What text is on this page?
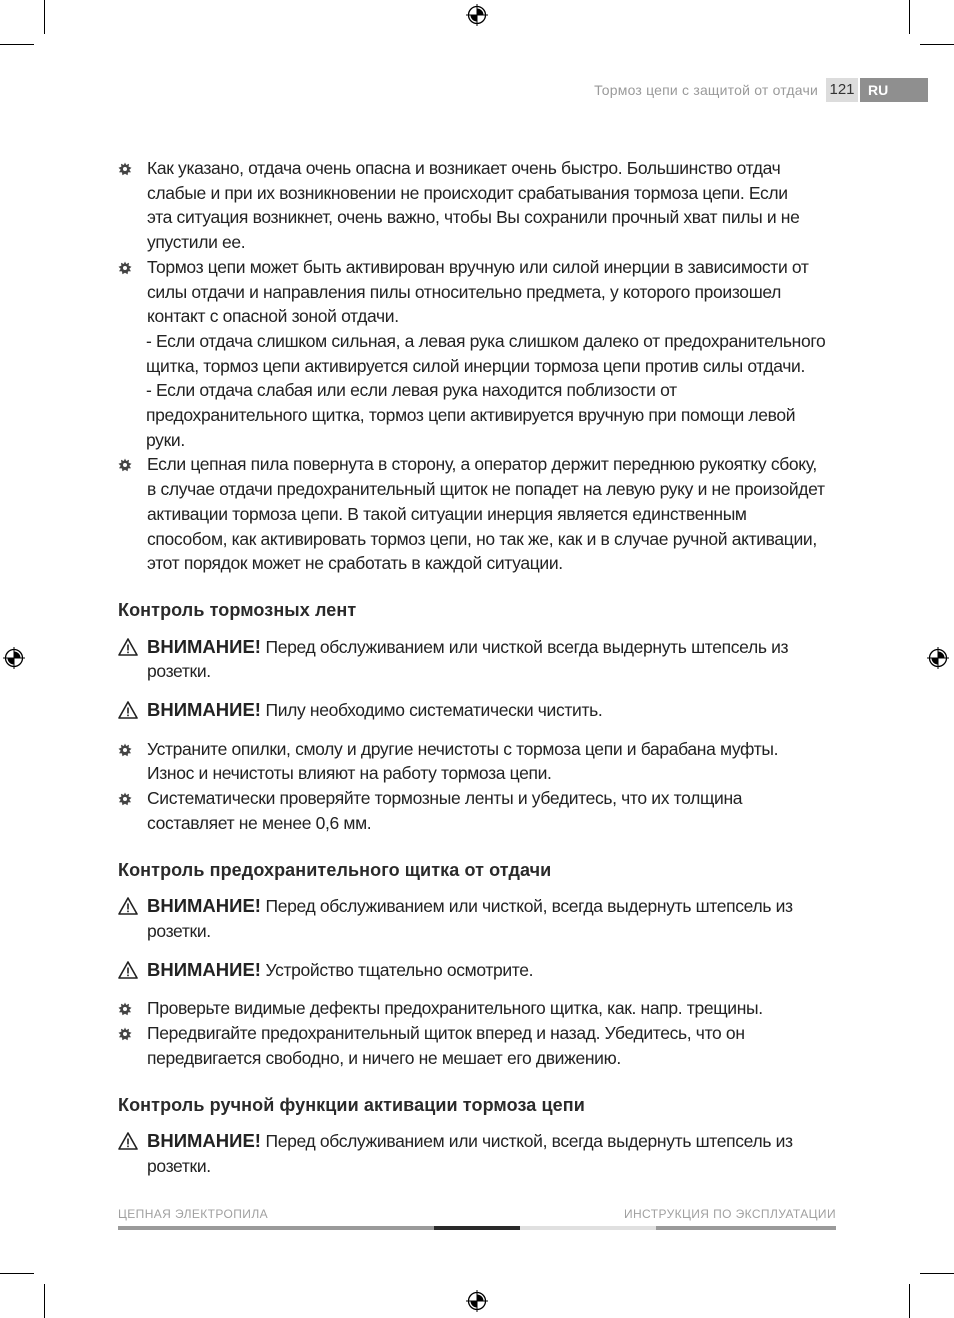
Тормоз цепи с защитой от отдачи 121 RU
Как указано, отдача очень опасна и возникает очень быстро. Большинство отдач
слабые и при их возникновении не происходит срабатывания тормоза цепи. Если
эта ситуация возникнет, очень важно, чтобы Вы сохранили прочный хват пилы и не
упустили ее.
Тормоз цепи может быть активирован вручную или силой инерции в зависимости от
силы отдачи и направления пилы относительно предмета, у которого произошел
контакт с опасной зоной отдачи.
- Если отдача слишком сильная, а левая рука слишком далеко от предохранительного
щитка, тормоз цепи активируется силой инерции тормоза цепи против силы отдачи.
- Если отдача слабая или если левая рука находится поблизости от
предохранительного щитка, тормоз цепи активируется вручную при помощи левой
руки.
Если цепная пила повернута в сторону, а оператор держит переднюю рукоятку сбоку,
в случае отдачи предохранительный щиток не попадет на левую руку и не произойдет
активации тормоза цепи. В такой ситуации инерция является единственным
способом, как активировать тормоз цепи, но так же, как и в случае ручной активации,
этот порядок может не сработать в каждой ситуации.
Контроль тормозных лент
ВНИМАНИЕ! Перед обслуживанием или чисткой всегда выдернуть штепсель из
розетки.
ВНИМАНИЕ! Пилу необходимо систематически чистить.
Устраните опилки, смолу и другие нечистоты с тормоза цепи и барабана муфты.
Износ и нечистоты влияют на работу тормоза цепи.
Систематически проверяйте тормозные ленты и убедитесь, что их толщина
составляет не менее 0,6 мм.
Контроль предохранительного щитка от отдачи
ВНИМАНИЕ! Перед обслуживанием или чисткой, всегда выдернуть штепсель из
розетки.
ВНИМАНИЕ! Устройство тщательно осмотрите.
Проверьте видимые дефекты предохранительного щитка, как. напр. трещины.
Передвигайте предохранительный щиток вперед и назад. Убедитесь, что он
передвигается свободно, и ничего не мешает его движению.
Контроль ручной функции активации тормоза цепи
ВНИМАНИЕ! Перед обслуживанием или чисткой, всегда выдернуть штепсель из
розетки.
ЦЕПНАЯ ЭЛЕКТРОПИЛА	ИНСТРУКЦИЯ ПО ЭКСПЛУАТАЦИИ
